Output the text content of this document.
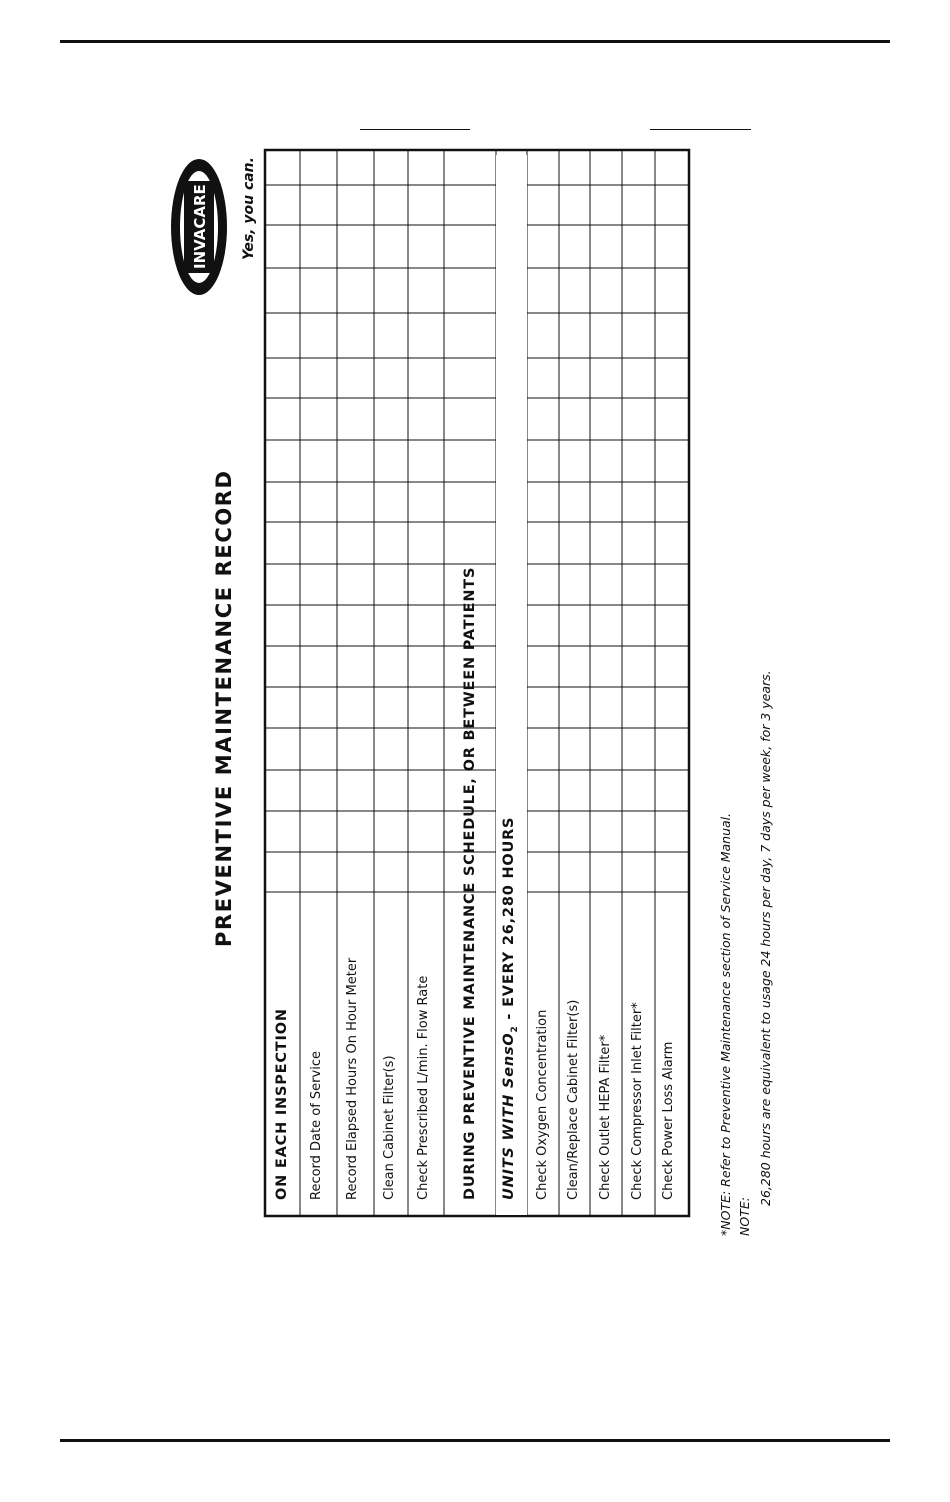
INVACARE Yes, you can.
PREVENTIVE MAINTENANCE RECORD
ON EACH INSPECTION Record Date of Service Record Elapsed Hours On Hour Meter Clean Cabinet Filter(s) Check Prescribed L/min. Flow Rate DURING PREVENTIVE MAINTENANCE SCHEDULE, OR BETWEEN PATIENTS UNITS WITH SensO$_2$ - EVERY 26,280 HOURS
Check Oxygen Concentration Clean/Replace Cabinet Filter(s) Check Outlet HEPA Filter* Check Compressor Inlet Filter* Check Power Loss Alarm	*NOTE: Refer to Preventive Maintenance section of Service Manual. NOTE:
26,280 hours are equivalent to usage 24 hours per day, 7 days per week, for 3 years.
